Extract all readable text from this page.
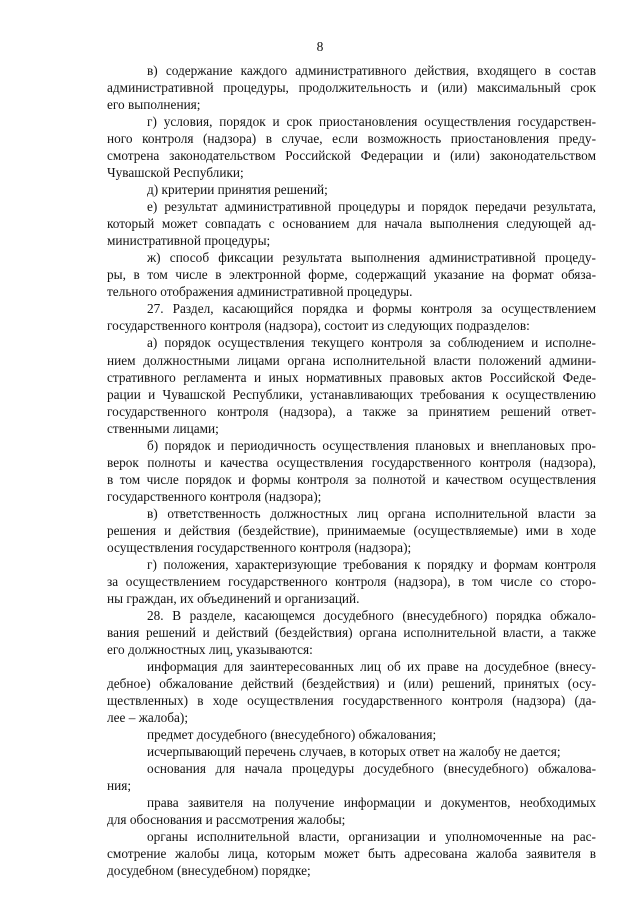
8
в) содержание каждого административного действия, входящего в состав
административной процедуры, продолжительность и (или) максимальный срок
его выполнения;
г) условия, порядок и срок приостановления осуществления государствен-
ного контроля (надзора) в случае, если возможность приостановления преду-
смотрена законодательством Российской Федерации и (или) законодательством
Чувашской Республики;
д) критерии принятия решений;
е) результат административной процедуры и порядок передачи результата,
который может совпадать с основанием для начала выполнения следующей ад-
министративной процедуры;
ж) способ фиксации результата выполнения административной процеду-
ры, в том числе в электронной форме, содержащий указание на формат обяза-
тельного отображения административной процедуры.
27. Раздел, касающийся порядка и формы контроля за осуществлением
государственного контроля (надзора), состоит из следующих подразделов:
а) порядок осуществления текущего контроля за соблюдением и исполне-
нием должностными лицами органа исполнительной власти положений админи-
стративного регламента и иных нормативных правовых актов Российской Феде-
рации и Чувашской Республики, устанавливающих требования к осуществлению
государственного контроля (надзора), а также за принятием решений ответ-
ственными лицами;
б) порядок и периодичность осуществления плановых и внеплановых про-
верок полноты и качества осуществления государственного контроля (надзора),
в том числе порядок и формы контроля за полнотой и качеством осуществления
государственного контроля (надзора);
в) ответственность должностных лиц органа исполнительной власти за
решения и действия (бездействие), принимаемые (осуществляемые) ими в ходе
осуществления государственного контроля (надзора);
г) положения, характеризующие требования к порядку и формам контроля
за осуществлением государственного контроля (надзора), в том числе со сторо-
ны граждан, их объединений и организаций.
28. В разделе, касающемся досудебного (внесудебного) порядка обжало-
вания решений и действий (бездействия) органа исполнительной власти, а также
его должностных лиц, указываются:
информация для заинтересованных лиц об их праве на досудебное (внесу-
дебное) обжалование действий (бездействия) и (или) решений, принятых (осу-
ществленных) в ходе осуществления государственного контроля (надзора) (да-
лее – жалоба);
предмет досудебного (внесудебного) обжалования;
исчерпывающий перечень случаев, в которых ответ на жалобу не дается;
основания для начала процедуры досудебного (внесудебного) обжалова-
ния;
права заявителя на получение информации и документов, необходимых
для обоснования и рассмотрения жалобы;
органы исполнительной власти, организации и уполномоченные на рас-
смотрение жалобы лица, которым может быть адресована жалоба заявителя в
досудебном (внесудебном) порядке;
